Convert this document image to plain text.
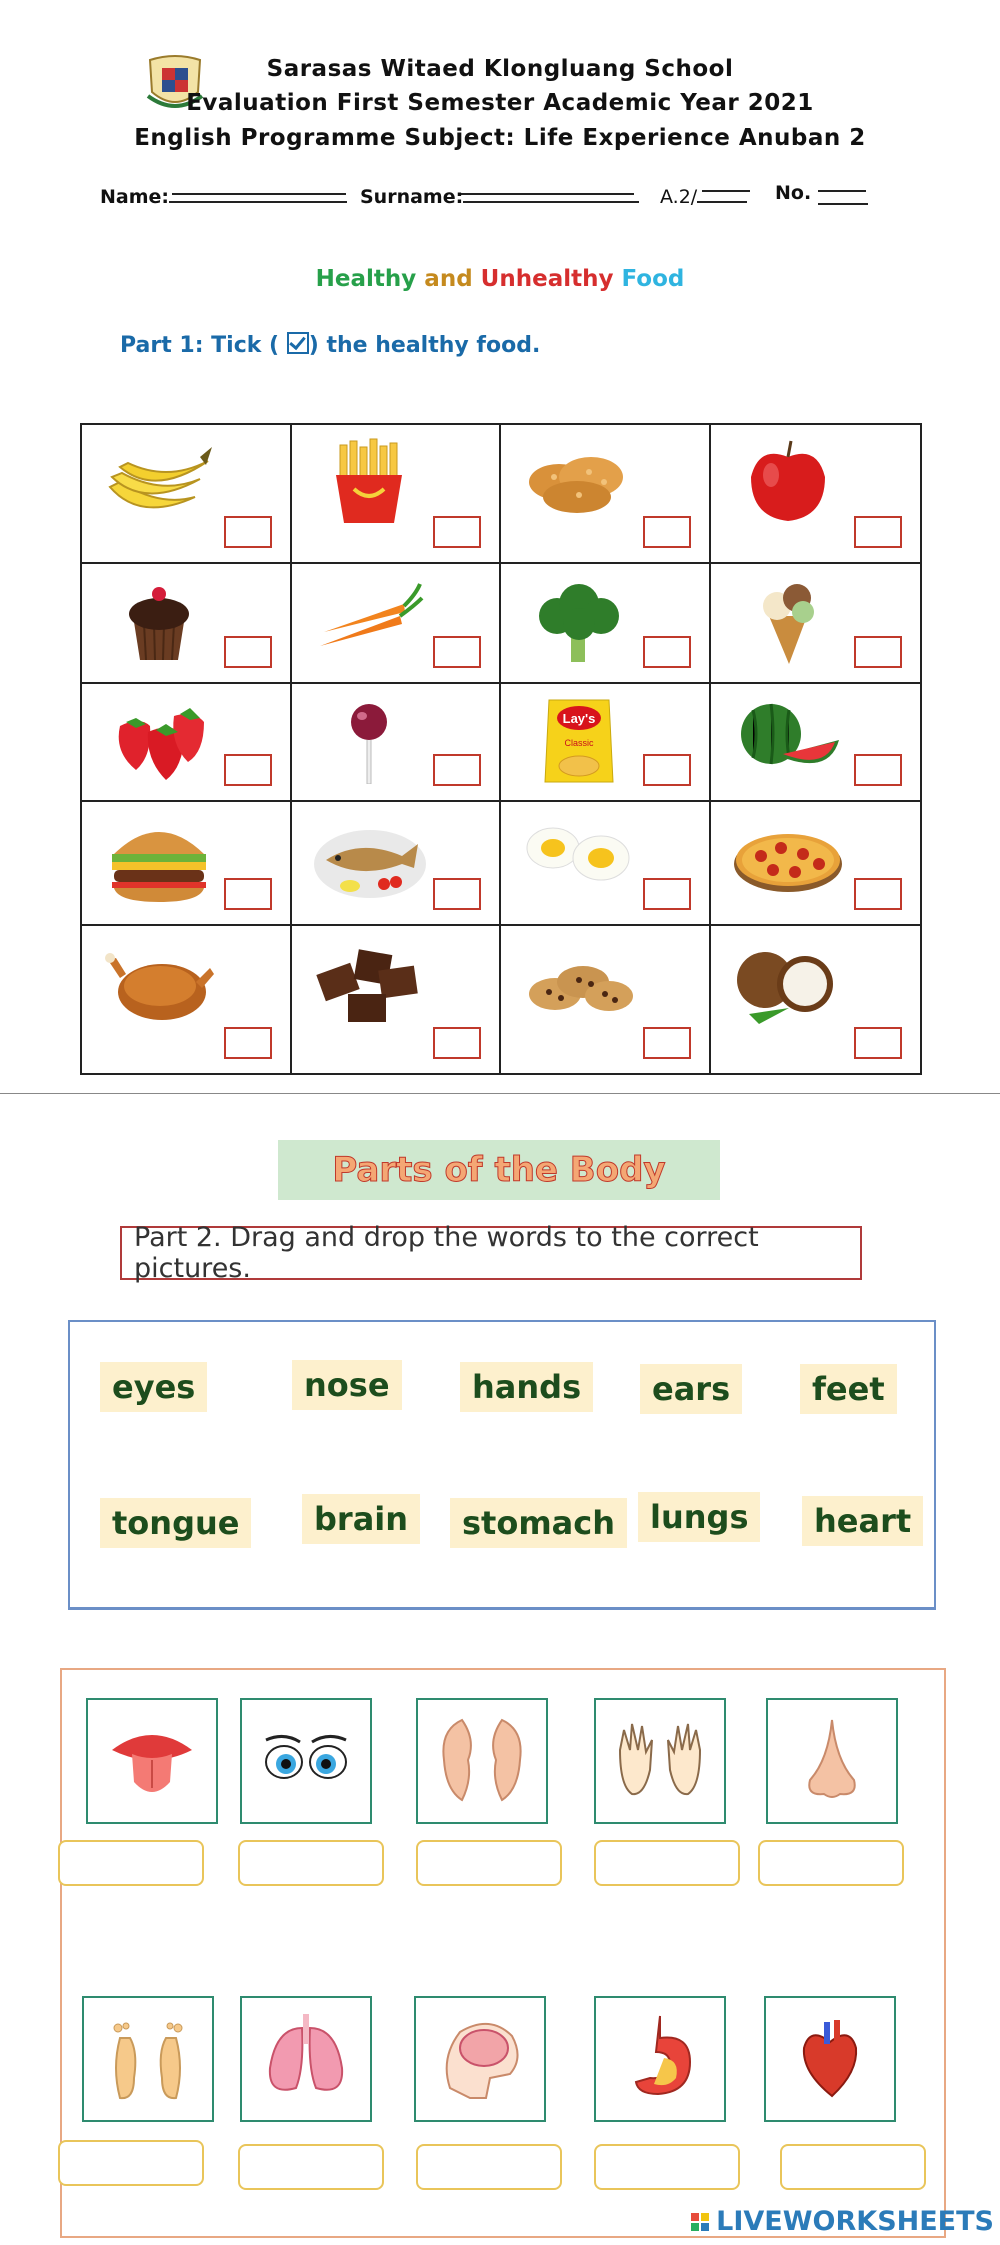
Sarasas Witaed Klongluang School
Evaluation First Semester Academic Year 2021
English Programme Subject: Life Experience Anuban 2
Name:	Surname:	A.2/	No.
Healthy and Unhealthy Food
Part 1: Tick ( ) the healthy food.
Lay's
Classic
Parts of the Body
Part 2. Drag and drop the words to the correct pictures.
eyes	nose	hands	ears	feet
tongue	brain	stomach	lungs	heart
LIVEWORKSHEETS
